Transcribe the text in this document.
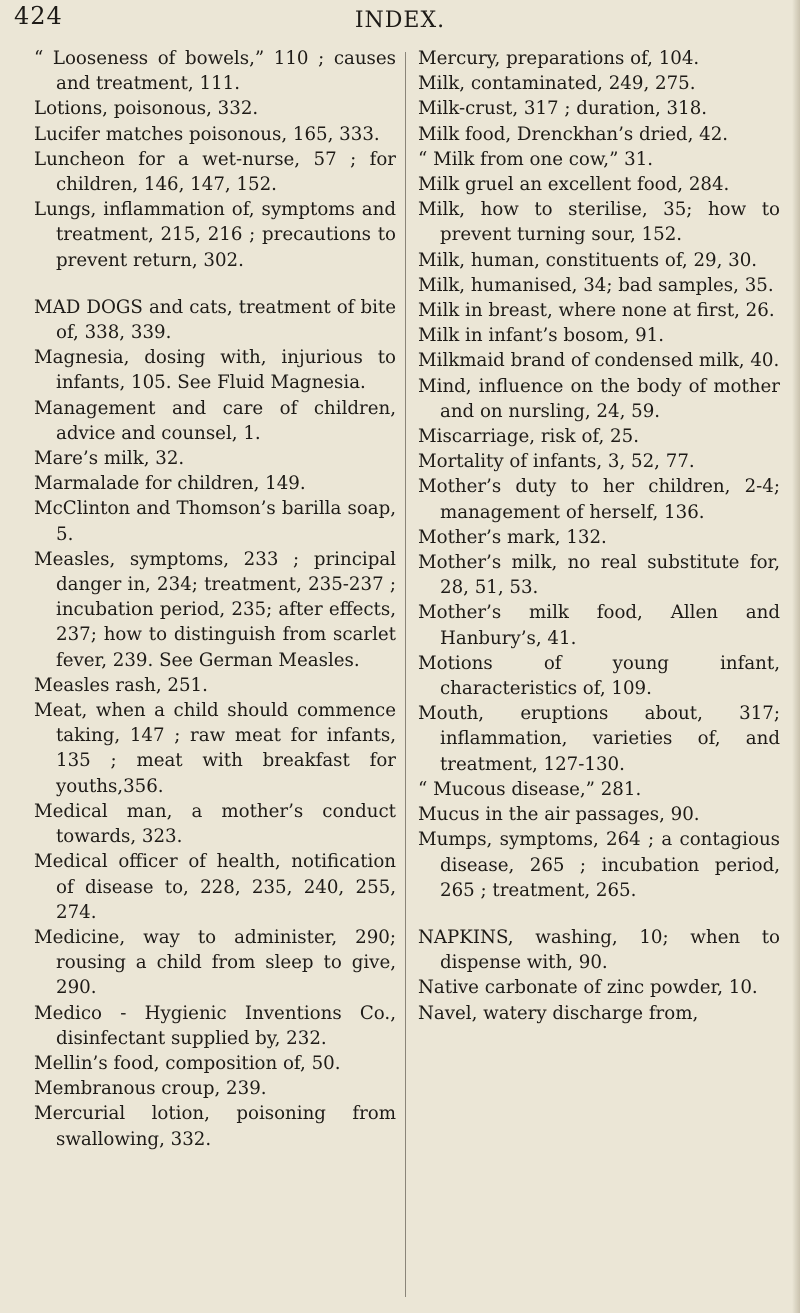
424	INDEX.

“ Looseness of bowels,” 110 ; causes and treatment, 111.

Lotions, poisonous, 332.

Lucifer matches poisonous, 165, 333.

Luncheon for a wet-nurse, 57 ; for children, 146, 147, 152.

Lungs, inflammation of, symptoms and treatment, 215, 216 ; precautions to prevent return, 302.

MAD DOGS and cats, treatment of bite of, 338, 339.

Magnesia, dosing with, injurious to infants, 105. See Fluid Magnesia.

Management and care of children, advice and counsel, 1.

Mare’s milk, 32.

Marmalade for children, 149.

McClinton and Thomson’s barilla soap, 5.

Measles, symptoms, 233 ; principal danger in, 234; treatment, 235-237 ; incubation period, 235; after effects, 237; how to distinguish from scarlet fever, 239. See German Measles.

Measles rash, 251.

Meat, when a child should commence taking, 147 ; raw meat for infants, 135 ; meat with breakfast for youths,356.

Medical man, a mother’s conduct towards, 323.

Medical officer of health, notification of disease to, 228, 235, 240, 255, 274.

Medicine, way to administer, 290; rousing a child from sleep to give, 290.

Medico - Hygienic Inventions Co., disinfectant supplied by, 232.

Mellin’s food, composition of, 50.

Membranous croup, 239.

Mercurial lotion, poisoning from swallowing, 332.

Mercury, preparations of, 104.

Milk, contaminated, 249, 275.

Milk-crust, 317 ; duration, 318.

Milk food, Drenckhan’s dried, 42.

“ Milk from one cow,” 31.

Milk gruel an excellent food, 284.

Milk, how to sterilise, 35; how to prevent turning sour, 152.

Milk, human, constituents of, 29, 30.

Milk, humanised, 34; bad samples, 35.

Milk in breast, where none at first, 26.

Milk in infant’s bosom, 91.

Milkmaid brand of condensed milk, 40.

Mind, influence on the body of mother and on nursling, 24, 59.

Miscarriage, risk of, 25.

Mortality of infants, 3, 52, 77.

Mother’s duty to her children, 2-4; management of herself, 136.

Mother’s mark, 132.

Mother’s milk, no real substitute for, 28, 51, 53.

Mother’s milk food, Allen and Hanbury’s, 41.

Motions of young infant, characteristics of, 109.

Mouth, eruptions about, 317; inflammation, varieties of, and treatment, 127-130.

“ Mucous disease,” 281.

Mucus in the air passages, 90.

Mumps, symptoms, 264 ; a contagious disease, 265 ; incubation period, 265 ; treatment, 265.

NAPKINS, washing, 10; when to dispense with, 90.

Native carbonate of zinc powder, 10.

Navel, watery discharge from,
